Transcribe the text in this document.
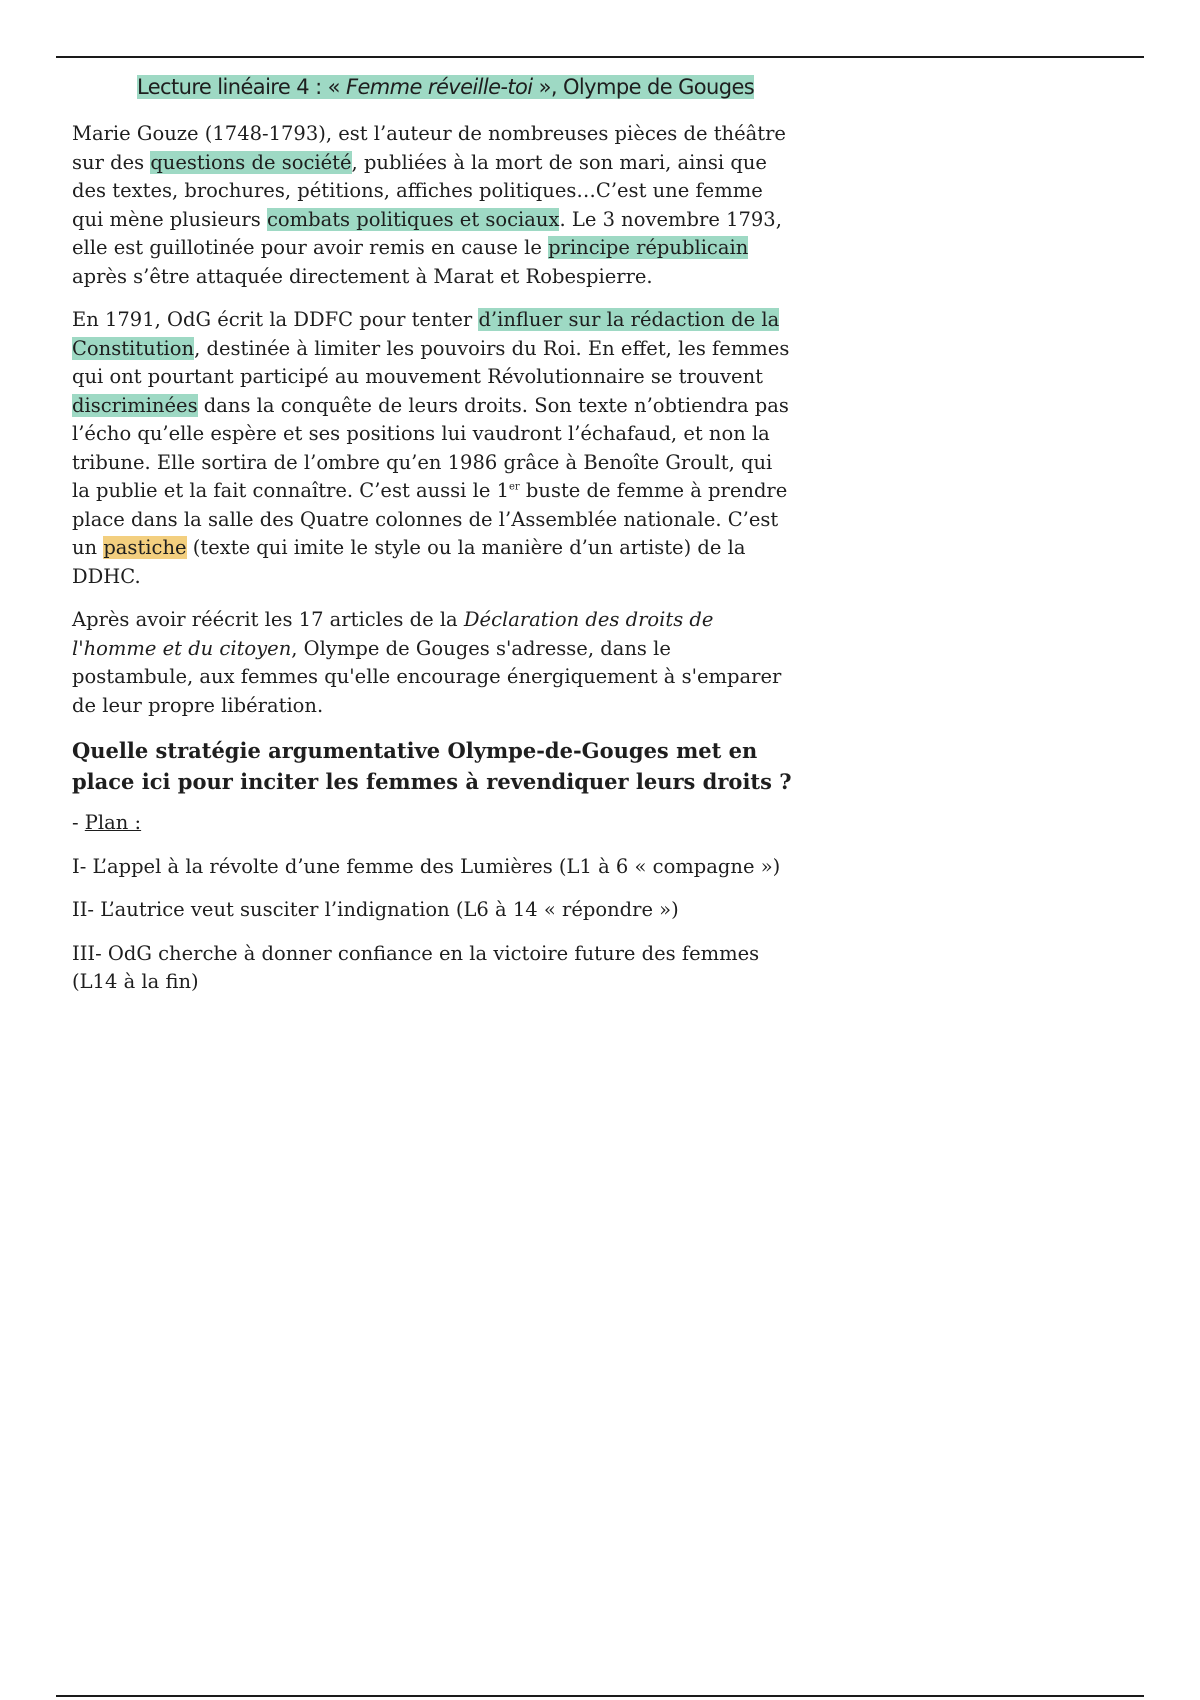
Lecture linéaire 4 : « Femme réveille-toi », Olympe de Gouges

Marie Gouze (1748-1793), est l’auteur de nombreuses pièces de théâtre sur des questions de société, publiées à la mort de son mari, ainsi que des textes, brochures, pétitions, affiches politiques…C’est une femme qui mène plusieurs combats politiques et sociaux. Le 3 novembre 1793, elle est guillotinée pour avoir remis en cause le principe républicain après s’être attaquée directement à Marat et Robespierre.

En 1791, OdG écrit la DDFC pour tenter d’influer sur la rédaction de la Constitution, destinée à limiter les pouvoirs du Roi. En effet, les femmes qui ont pourtant participé au mouvement Révolutionnaire se trouvent discriminées dans la conquête de leurs droits. Son texte n’obtiendra pas l’écho qu’elle espère et ses positions lui vaudront l’échafaud, et non la tribune. Elle sortira de l’ombre qu’en 1986 grâce à Benoîte Groult, qui la publie et la fait connaître. C’est aussi le 1er buste de femme à prendre place dans la salle des Quatre colonnes de l’Assemblée nationale. C’est un pastiche (texte qui imite le style ou la manière d’un artiste) de la DDHC.

Après avoir réécrit les 17 articles de la Déclaration des droits de l'homme et du citoyen, Olympe de Gouges s'adresse, dans le postambule, aux femmes qu'elle encourage énergiquement à s'emparer de leur propre libération.

Quelle stratégie argumentative Olympe-de-Gouges met en place ici pour inciter les femmes à revendiquer leurs droits ?

- Plan :

I- L’appel à la révolte d’une femme des Lumières (L1 à 6 « compagne »)

II- L’autrice veut susciter l’indignation (L6 à 14 « répondre »)

III- OdG cherche à donner confiance en la victoire future des femmes (L14 à la fin)
